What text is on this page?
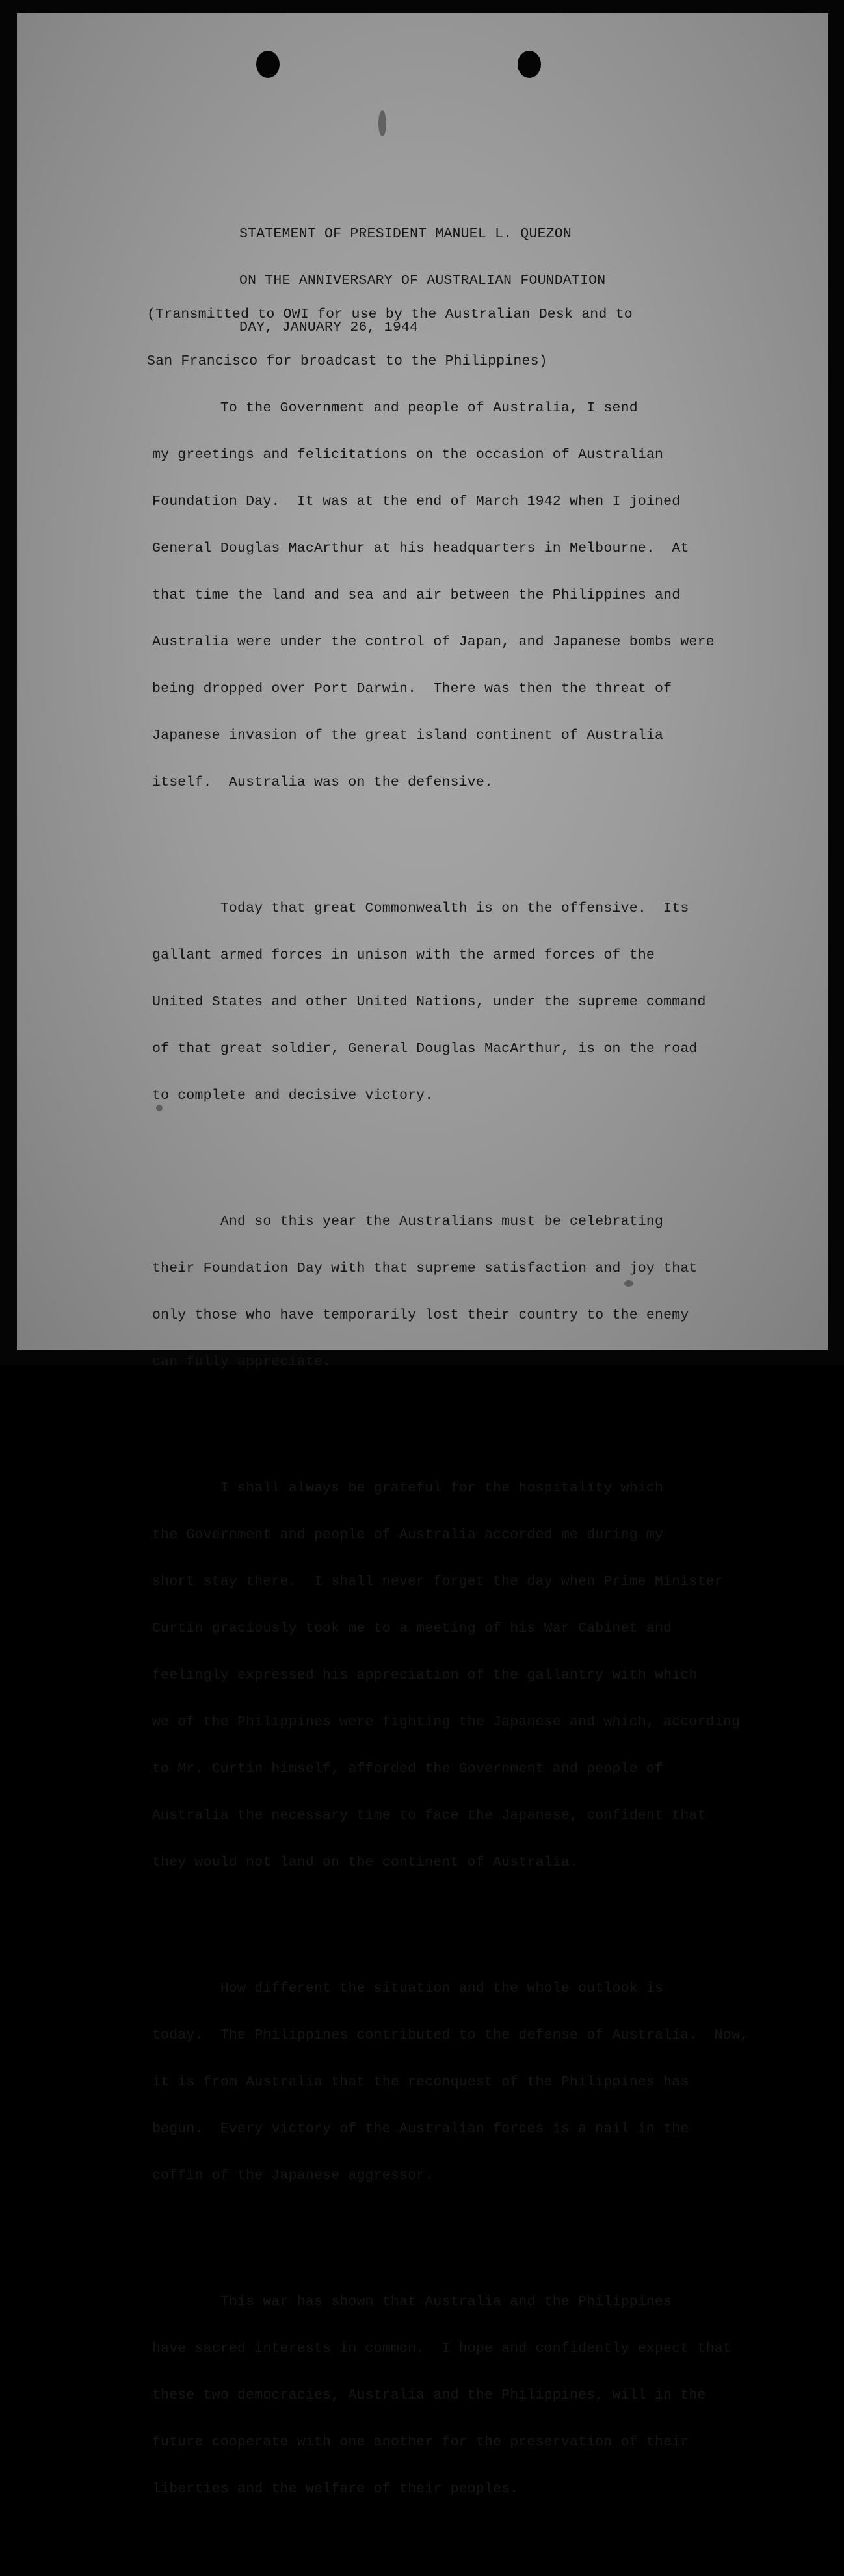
STATEMENT OF PRESIDENT MANUEL L. QUEZON

ON THE ANNIVERSARY OF AUSTRALIAN FOUNDATION

DAY, JANUARY 26, 1944

(Transmitted to OWI for use by the Australian Desk and to

San Francisco for broadcast to the Philippines)

To the Government and people of Australia, I send

my greetings and felicitations on the occasion of Australian

Foundation Day.  It was at the end of March 1942 when I joined

General Douglas MacArthur at his headquarters in Melbourne.  At

that time the land and sea and air between the Philippines and

Australia were under the control of Japan, and Japanese bombs were

being dropped over Port Darwin.  There was then the threat of

Japanese invasion of the great island continent of Australia

itself.  Australia was on the defensive.

Today that great Commonwealth is on the offensive.  Its

gallant armed forces in unison with the armed forces of the

United States and other United Nations, under the supreme command

of that great soldier, General Douglas MacArthur, is on the road

to complete and decisive victory.

And so this year the Australians must be celebrating

their Foundation Day with that supreme satisfaction and joy that

only those who have temporarily lost their country to the enemy

can fully appreciate.

I shall always be grateful for the hospitality which

the Government and people of Australia accorded me during my

short stay there.  I shall never forget the day when Prime Minister

Curtin graciously took me to a meeting of his War Cabinet and

feelingly expressed his appreciation of the gallantry with which

we of the Philippines were fighting the Japanese and which, according

to Mr. Curtin himself, afforded the Government and people of

Australia the necessary time to face the Japanese, confident that

they would not land on the continent of Australia.

How different the situation and the whole outlook is

today.  The Philippines contributed to the defense of Australia.  Now,

it is from Australia that the reconquest of the Philippines has

begun.  Every victory of the Australian forces is a nail in the

coffin of the Japanese aggressor.

This war has shown that Australia and the Philippines

have sacred interests in common.  I hope and confidently expect that

these two democracies, Australia and the Philippines, will in the

future cooperate with one another for the preservation of their

liberties and the welfare of their peoples.
